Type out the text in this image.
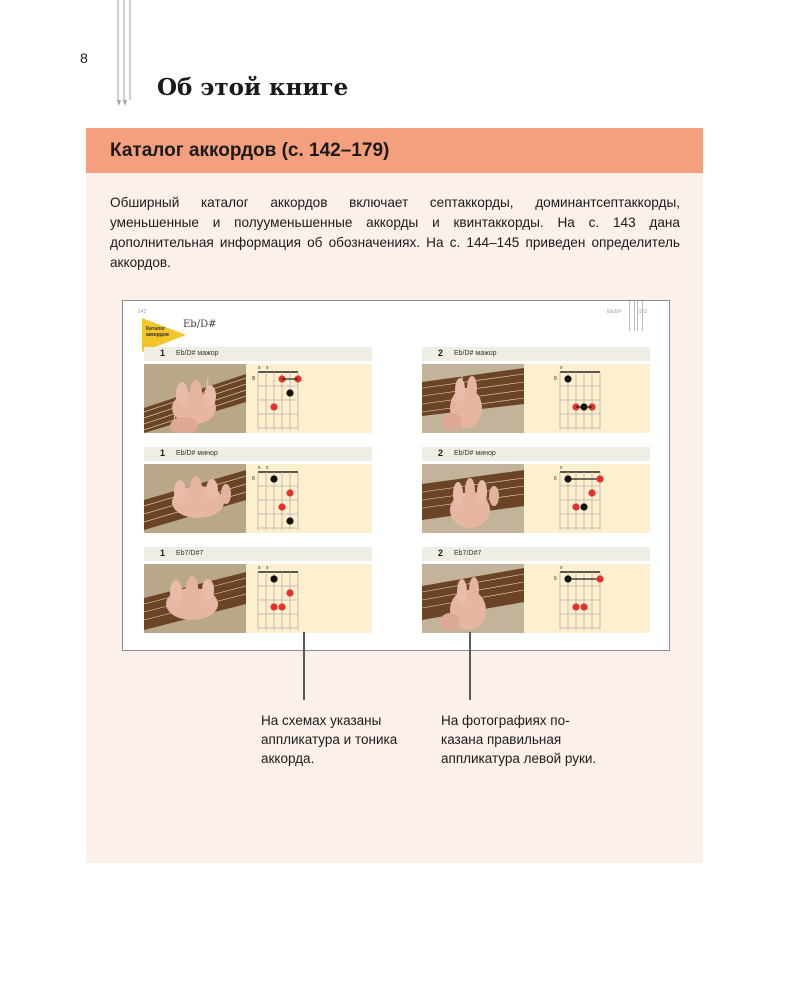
8
Об этой книге
Каталог аккордов (с. 142–179)

Обширный каталог аккордов включает септаккорды, доминантсептаккорды, уменьшенные и полууменьшенные аккорды и квинтаккорды. На с. 143 дана дополнительная информация об обозначениях. На с. 144–145 приведен определитель аккордов.

142	Eb/D#	153
Каталог
аккордов
Eb/D#
1 Eb/D# мажор
8
x x
2 Eb/D# мажор
8
x
1 Eb/D# минор
8
x x
2 Eb/D# минор
6
x
1 Eb7/D#7
x x
2 Eb7/D#7
6
x

На схемах указаны аппликатура и тоника аккорда.

На фотографиях показана правильная аппликатура левой руки.
